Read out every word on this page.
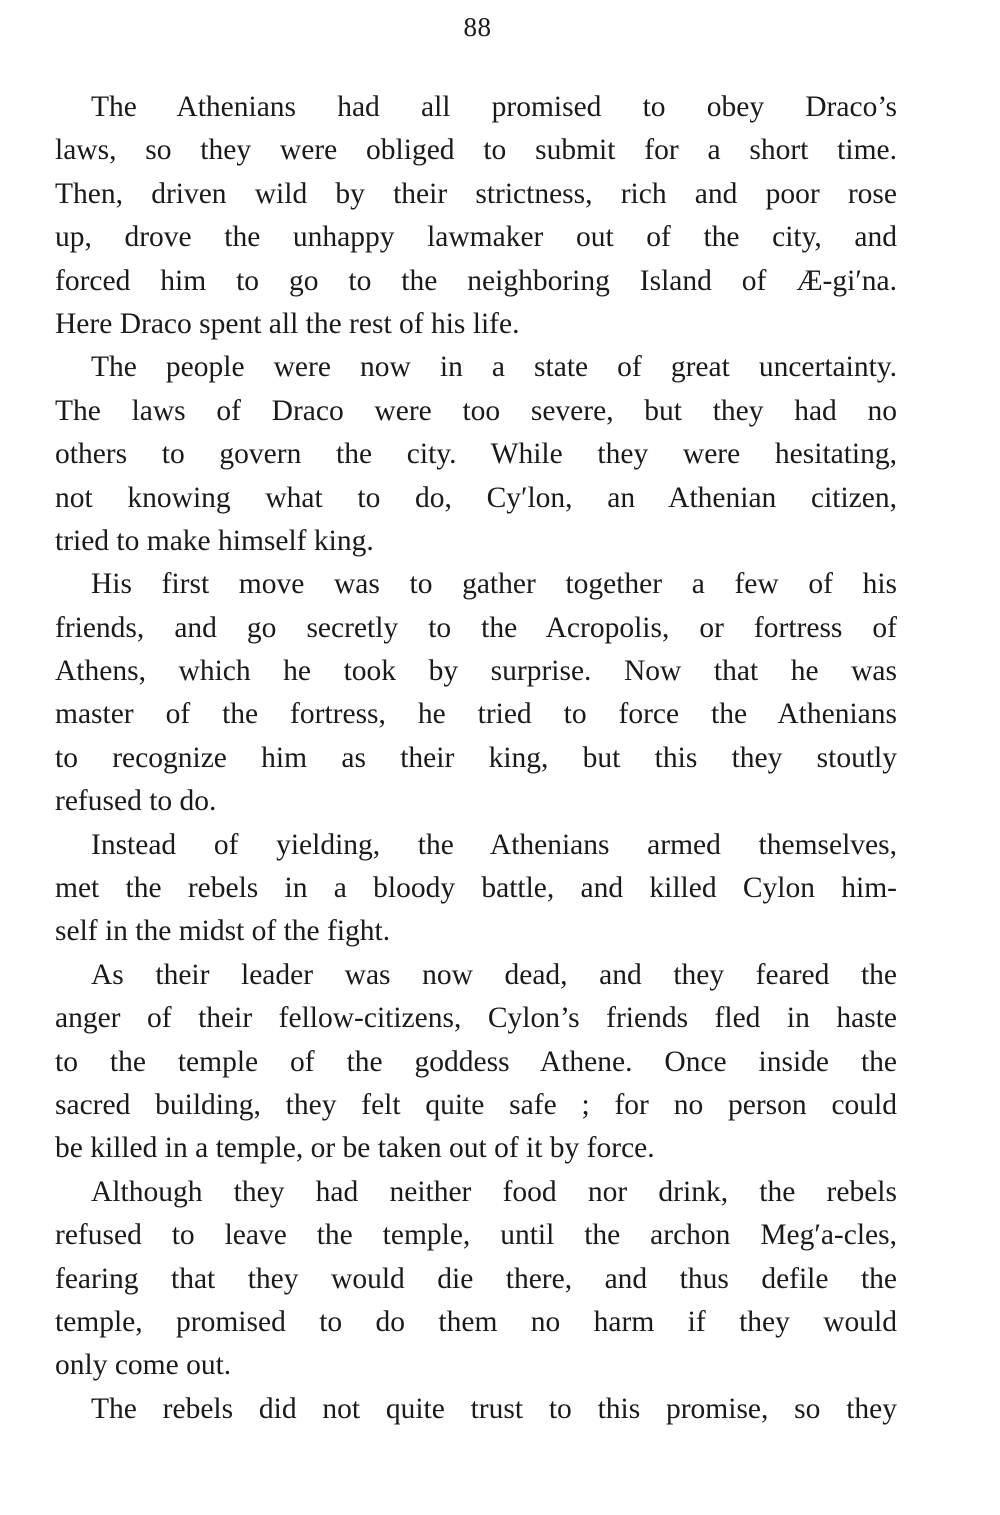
88
The Athenians had all promised to obey Draco’s
laws, so they were obliged to submit for a short time.
Then, driven wild by their strictness, rich and poor rose
up, drove the unhappy lawmaker out of the city, and
forced him to go to the neighboring Island of Æ-gi′na.
Here Draco spent all the rest of his life.
The people were now in a state of great uncertainty.
The laws of Draco were too severe, but they had no
others to govern the city. While they were hesitating,
not knowing what to do, Cy′lon, an Athenian citizen,
tried to make himself king.
His first move was to gather together a few of his
friends, and go secretly to the Acropolis, or fortress of
Athens, which he took by surprise. Now that he was
master of the fortress, he tried to force the Athenians
to recognize him as their king, but this they stoutly
refused to do.
Instead of yielding, the Athenians armed themselves,
met the rebels in a bloody battle, and killed Cylon him-
self in the midst of the fight.
As their leader was now dead, and they feared the
anger of their fellow-citizens, Cylon’s friends fled in haste
to the temple of the goddess Athene. Once inside the
sacred building, they felt quite safe ; for no person could
be killed in a temple, or be taken out of it by force.
Although they had neither food nor drink, the rebels
refused to leave the temple, until the archon Meg′a-cles,
fearing that they would die there, and thus defile the
temple, promised to do them no harm if they would
only come out.
The rebels did not quite trust to this promise, so they
